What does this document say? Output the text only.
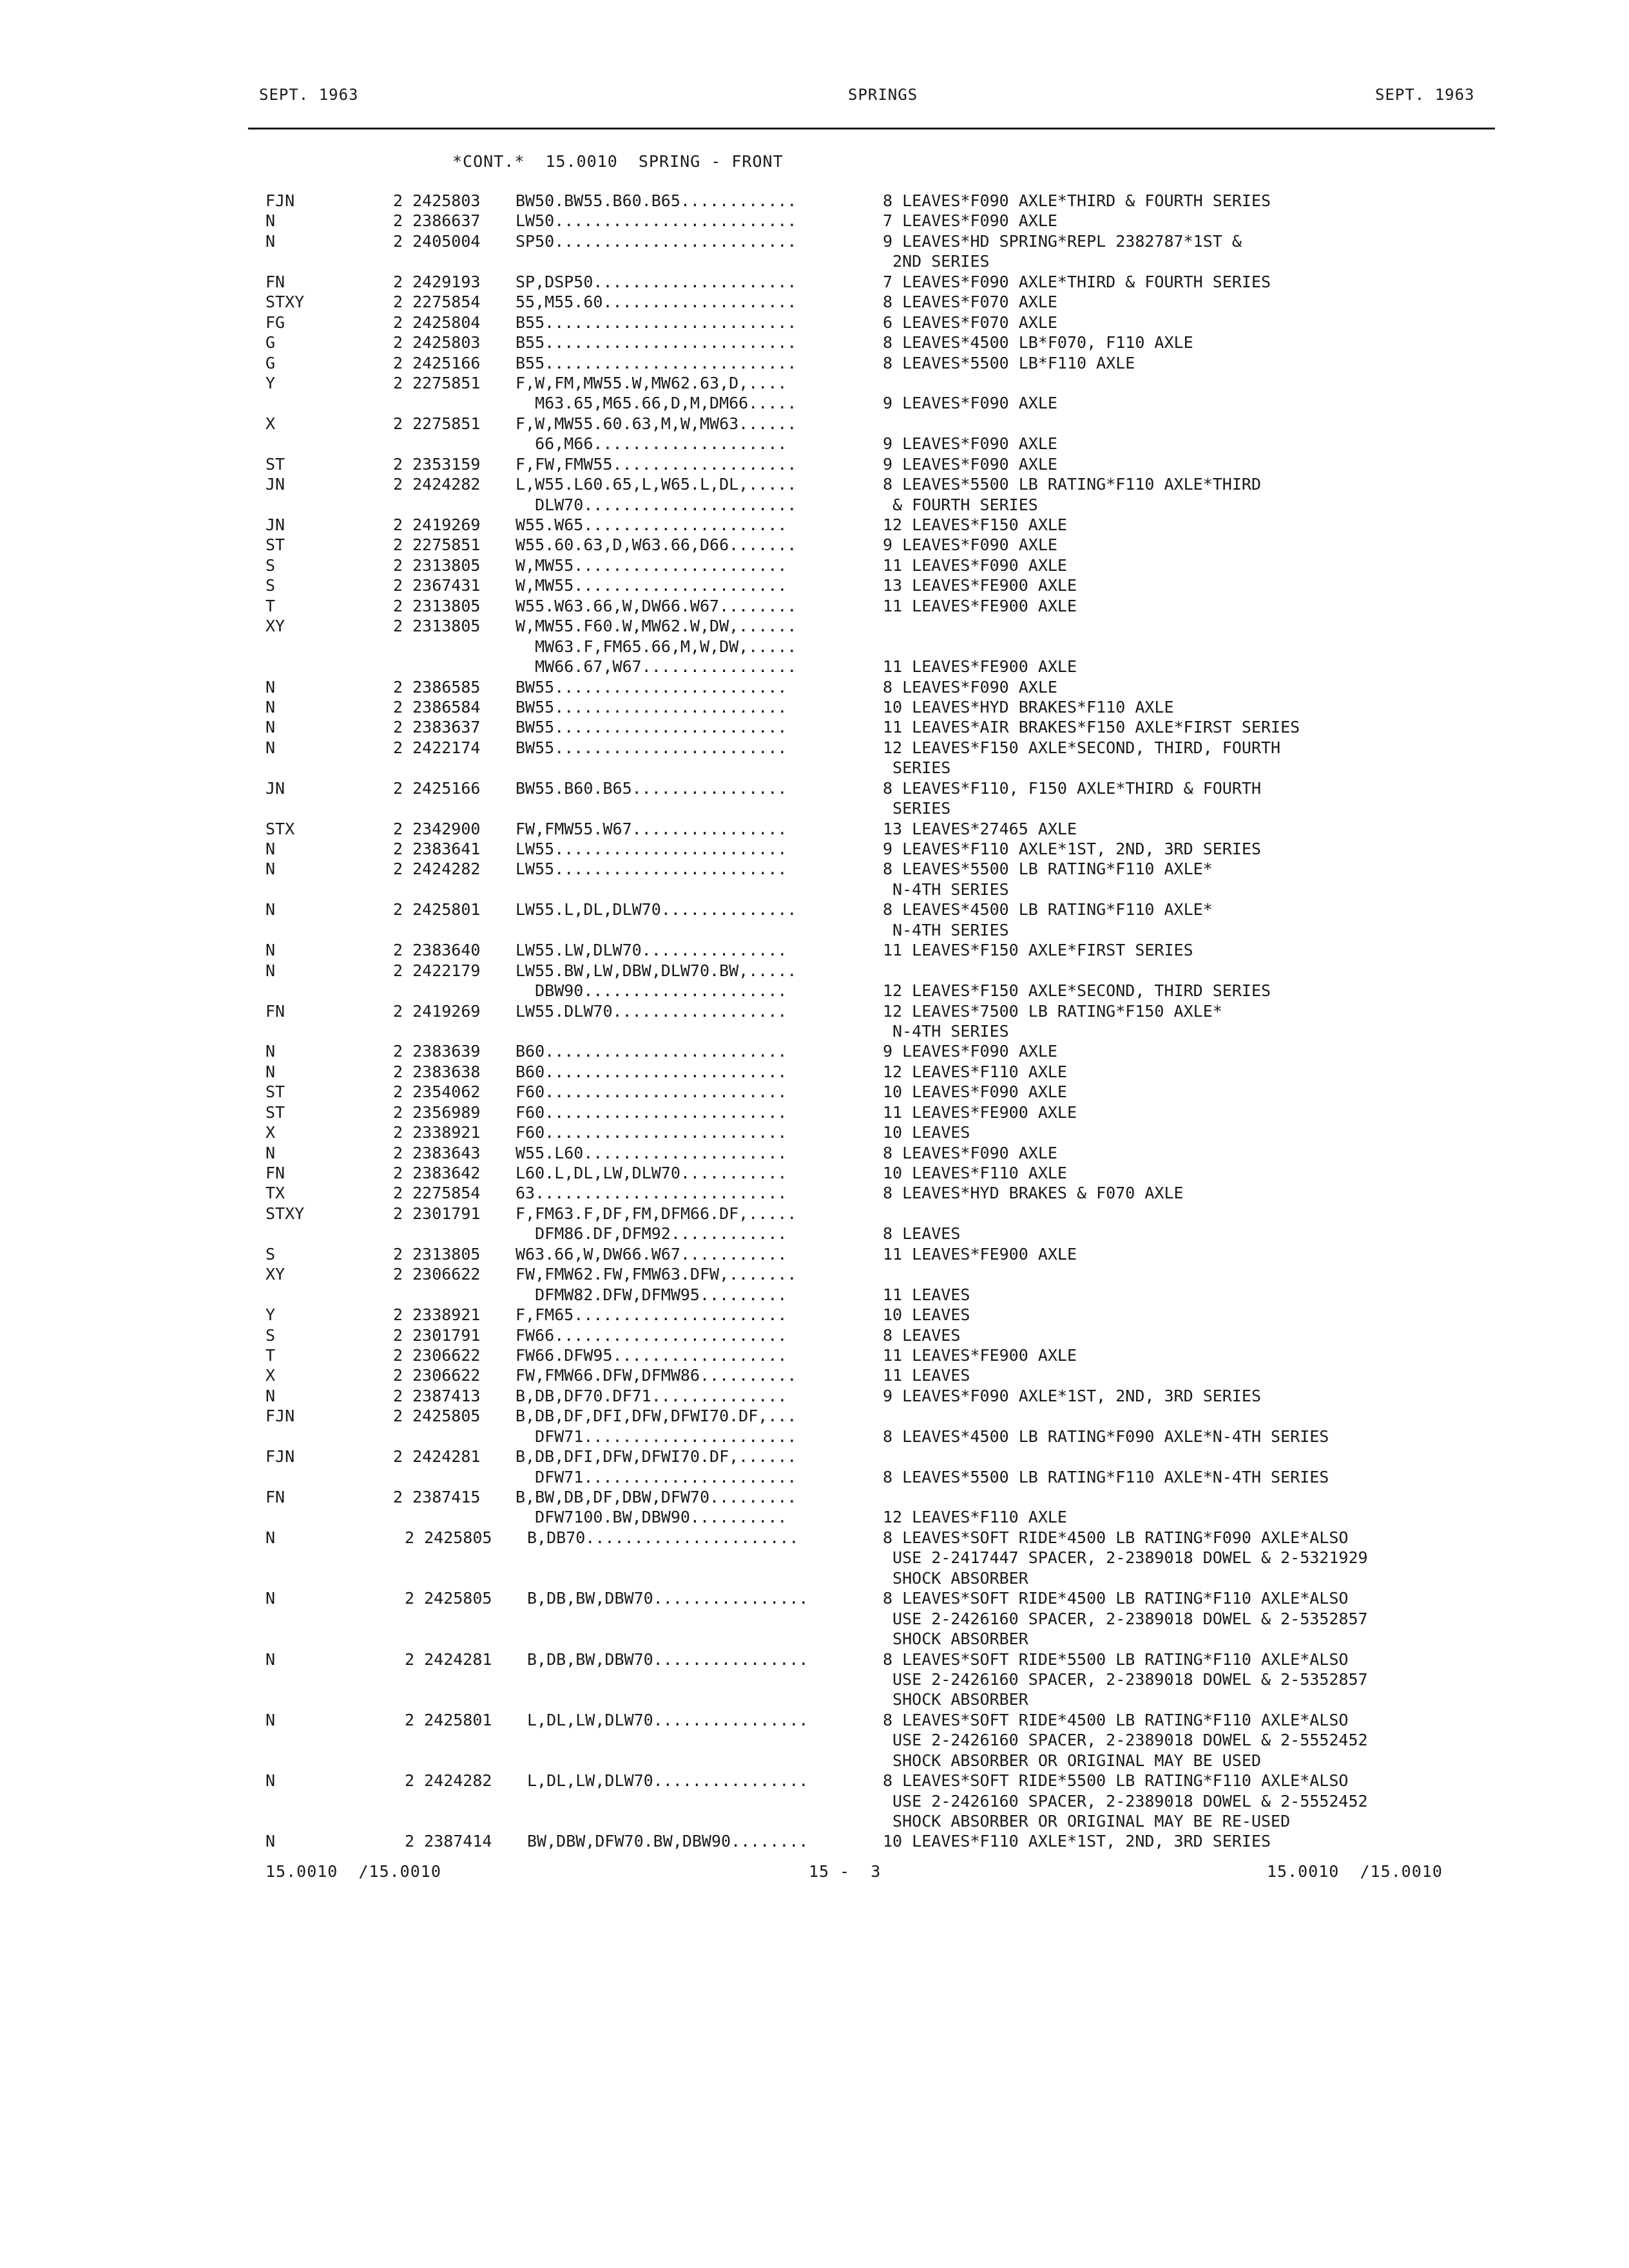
SEPT. 1963	SPRINGS	SEPT. 1963
*CONT.*  15.0010  SPRING - FRONT
FJN	2 2425803 BW50.BW55.B60.B65............	8 LEAVES*F090 AXLE*THIRD & FOURTH SERIES
N	2 2386637 LW50.........................	7 LEAVES*F090 AXLE
N	2 2405004 SP50.........................	9 LEAVES*HD SPRING*REPL 2382787*1ST &
2ND SERIES
FN	2 2429193 SP,DSP50.....................	7 LEAVES*F090 AXLE*THIRD & FOURTH SERIES
STXY	2 2275854 55,M55.60....................	8 LEAVES*F070 AXLE
FG	2 2425804 B55..........................	6 LEAVES*F070 AXLE
G	2 2425803 B55..........................	8 LEAVES*4500 LB*F070, F110 AXLE
G	2 2425166 B55..........................	8 LEAVES*5500 LB*F110 AXLE
Y	2 2275851 F,W,FM,MW55.W,MW62.63,D,....
M63.65,M65.66,D,M,DM66.....	9 LEAVES*F090 AXLE
X	2 2275851 F,W,MW55.60.63,M,W,MW63......
66,M66....................	9 LEAVES*F090 AXLE
ST	2 2353159 F,FW,FMW55...................	9 LEAVES*F090 AXLE
JN	2 2424282 L,W55.L60.65,L,W65.L,DL,.....	8 LEAVES*5500 LB RATING*F110 AXLE*THIRD
DLW70......................	& FOURTH SERIES
JN	2 2419269 W55.W65.....................	12 LEAVES*F150 AXLE
ST	2 2275851 W55.60.63,D,W63.66,D66.......	9 LEAVES*F090 AXLE
S	2 2313805 W,MW55......................	11 LEAVES*F090 AXLE
S	2 2367431 W,MW55......................	13 LEAVES*FE900 AXLE
T	2 2313805 W55.W63.66,W,DW66.W67........	11 LEAVES*FE900 AXLE
XY	2 2313805 W,MW55.F60.W,MW62.W,DW,......
MW63.F,FM65.66,M,W,DW,.....
MW66.67,W67................	11 LEAVES*FE900 AXLE
N	2 2386585 BW55........................	8 LEAVES*F090 AXLE
N	2 2386584 BW55........................	10 LEAVES*HYD BRAKES*F110 AXLE
N	2 2383637 BW55........................	11 LEAVES*AIR BRAKES*F150 AXLE*FIRST SERIES
N	2 2422174 BW55........................	12 LEAVES*F150 AXLE*SECOND, THIRD, FOURTH
SERIES
JN	2 2425166 BW55.B60.B65................	8 LEAVES*F110, F150 AXLE*THIRD & FOURTH
SERIES
STX	2 2342900 FW,FMW55.W67................	13 LEAVES*27465 AXLE
N	2 2383641 LW55........................	9 LEAVES*F110 AXLE*1ST, 2ND, 3RD SERIES
N	2 2424282 LW55........................	8 LEAVES*5500 LB RATING*F110 AXLE*
N-4TH SERIES
N	2 2425801 LW55.L,DL,DLW70..............	8 LEAVES*4500 LB RATING*F110 AXLE*
N-4TH SERIES
N	2 2383640 LW55.LW,DLW70...............	11 LEAVES*F150 AXLE*FIRST SERIES
N	2 2422179 LW55.BW,LW,DBW,DLW70.BW,.....
DBW90.....................	12 LEAVES*F150 AXLE*SECOND, THIRD SERIES
FN	2 2419269 LW55.DLW70..................	12 LEAVES*7500 LB RATING*F150 AXLE*
N-4TH SERIES
N	2 2383639 B60.........................	9 LEAVES*F090 AXLE
N	2 2383638 B60.........................	12 LEAVES*F110 AXLE
ST	2 2354062 F60.........................	10 LEAVES*F090 AXLE
ST	2 2356989 F60.........................	11 LEAVES*FE900 AXLE
X	2 2338921 F60.........................	10 LEAVES
N	2 2383643 W55.L60.....................	8 LEAVES*F090 AXLE
FN	2 2383642 L60.L,DL,LW,DLW70...........	10 LEAVES*F110 AXLE
TX	2 2275854 63..........................	8 LEAVES*HYD BRAKES & F070 AXLE
STXY	2 2301791 F,FM63.F,DF,FM,DFM66.DF,.....
DFM86.DF,DFM92............	8 LEAVES
S	2 2313805 W63.66,W,DW66.W67...........	11 LEAVES*FE900 AXLE
XY	2 2306622 FW,FMW62.FW,FMW63.DFW,.......
DFMW82.DFW,DFMW95.........	11 LEAVES
Y	2 2338921 F,FM65......................	10 LEAVES
S	2 2301791 FW66........................	8 LEAVES
T	2 2306622 FW66.DFW95..................	11 LEAVES*FE900 AXLE
X	2 2306622 FW,FMW66.DFW,DFMW86..........	11 LEAVES
N	2 2387413 B,DB,DF70.DF71..............	9 LEAVES*F090 AXLE*1ST, 2ND, 3RD SERIES
FJN	2 2425805 B,DB,DF,DFI,DFW,DFWI70.DF,...
DFW71......................	8 LEAVES*4500 LB RATING*F090 AXLE*N-4TH SERIES
FJN	2 2424281 B,DB,DFI,DFW,DFWI70.DF,......
DFW71......................	8 LEAVES*5500 LB RATING*F110 AXLE*N-4TH SERIES
FN	2 2387415 B,BW,DB,DF,DBW,DFW70.........
DFW7100.BW,DBW90..........	12 LEAVES*F110 AXLE
N	2 2425805 B,DB70......................	8 LEAVES*SOFT RIDE*4500 LB RATING*F090 AXLE*ALSO
USE 2-2417447 SPACER, 2-2389018 DOWEL & 2-5321929
SHOCK ABSORBER
N	2 2425805 B,DB,BW,DBW70................	8 LEAVES*SOFT RIDE*4500 LB RATING*F110 AXLE*ALSO
USE 2-2426160 SPACER, 2-2389018 DOWEL & 2-5352857
SHOCK ABSORBER
N	2 2424281 B,DB,BW,DBW70................	8 LEAVES*SOFT RIDE*5500 LB RATING*F110 AXLE*ALSO
USE 2-2426160 SPACER, 2-2389018 DOWEL & 2-5352857
SHOCK ABSORBER
N	2 2425801 L,DL,LW,DLW70................	8 LEAVES*SOFT RIDE*4500 LB RATING*F110 AXLE*ALSO
USE 2-2426160 SPACER, 2-2389018 DOWEL & 2-5552452
SHOCK ABSORBER OR ORIGINAL MAY BE USED
N	2 2424282 L,DL,LW,DLW70................	8 LEAVES*SOFT RIDE*5500 LB RATING*F110 AXLE*ALSO
USE 2-2426160 SPACER, 2-2389018 DOWEL & 2-5552452
SHOCK ABSORBER OR ORIGINAL MAY BE RE-USED
N	2 2387414 BW,DBW,DFW70.BW,DBW90........	10 LEAVES*F110 AXLE*1ST, 2ND, 3RD SERIES
15.0010  /15.0010	15 -  3	15.0010  /15.0010
